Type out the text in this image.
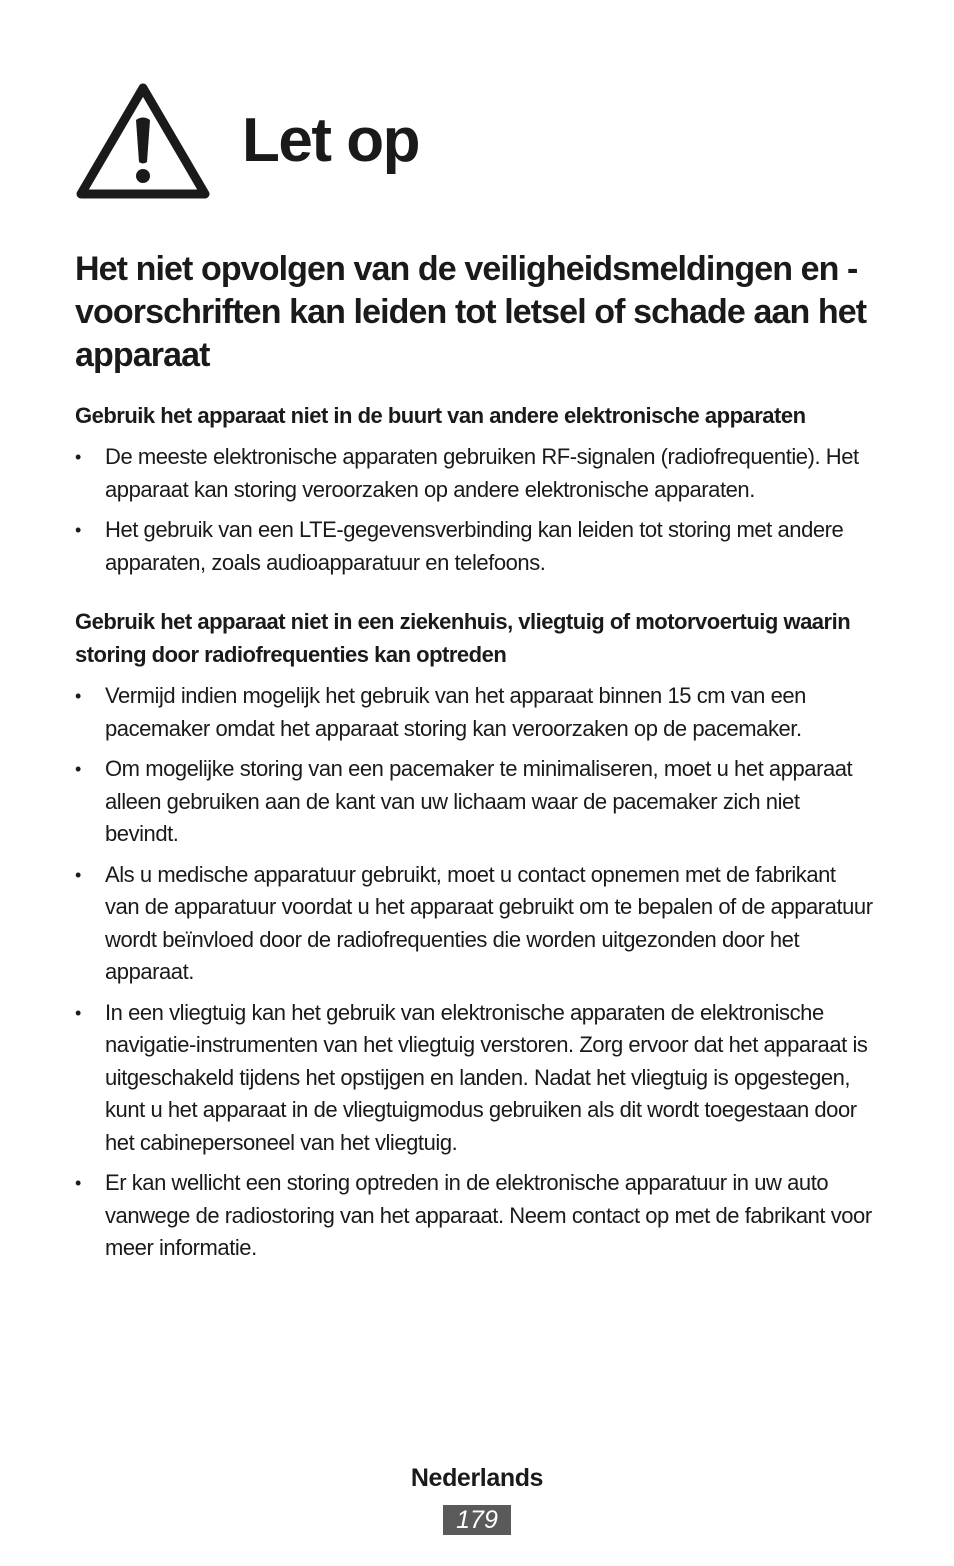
Let op
Het niet opvolgen van de veiligheidsmeldingen en -voorschriften kan leiden tot letsel of schade aan het apparaat
Gebruik het apparaat niet in de buurt van andere elektronische apparaten
• De meeste elektronische apparaten gebruiken RF-signalen (radiofrequentie). Het apparaat kan storing veroorzaken op andere elektronische apparaten.
• Het gebruik van een LTE-gegevensverbinding kan leiden tot storing met andere apparaten, zoals audioapparatuur en telefoons.
Gebruik het apparaat niet in een ziekenhuis, vliegtuig of motorvoertuig waarin storing door radiofrequenties kan optreden
• Vermijd indien mogelijk het gebruik van het apparaat binnen 15 cm van een pacemaker omdat het apparaat storing kan veroorzaken op de pacemaker.
• Om mogelijke storing van een pacemaker te minimaliseren, moet u het apparaat alleen gebruiken aan de kant van uw lichaam waar de pacemaker zich niet bevindt.
• Als u medische apparatuur gebruikt, moet u contact opnemen met de fabrikant van de apparatuur voordat u het apparaat gebruikt om te bepalen of de apparatuur wordt beïnvloed door de radiofrequenties die worden uitgezonden door het apparaat.
• In een vliegtuig kan het gebruik van elektronische apparaten de elektronische navigatie-instrumenten van het vliegtuig verstoren. Zorg ervoor dat het apparaat is uitgeschakeld tijdens het opstijgen en landen. Nadat het vliegtuig is opgestegen, kunt u het apparaat in de vliegtuigmodus gebruiken als dit wordt toegestaan door het cabinepersoneel van het vliegtuig.
• Er kan wellicht een storing optreden in de elektronische apparatuur in uw auto vanwege de radiostoring van het apparaat. Neem contact op met de fabrikant voor meer informatie.
Nederlands
179
